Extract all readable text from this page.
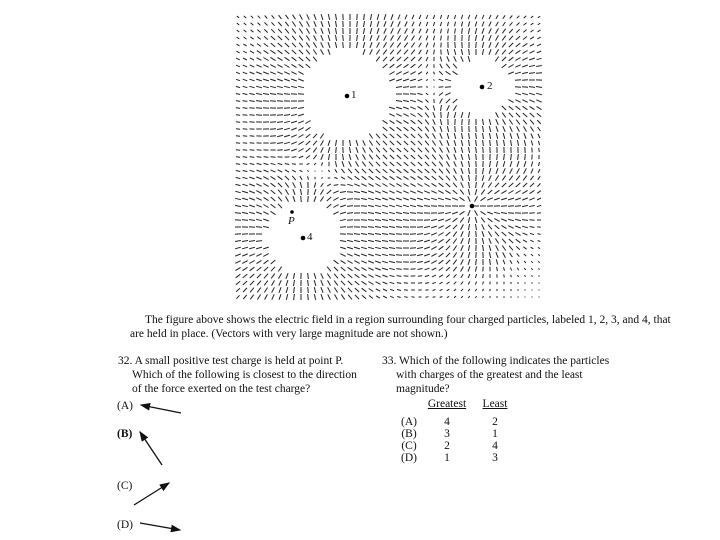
1
2
4
P
The figure above shows the electric field in a region surrounding four charged particles, labeled 1, 2, 3, and 4, that
are held in place. (Vectors with very large magnitude are not shown.)
32. A small positive test charge is held at point P.
Which of the following is closest to the direction
of the force exerted on the test charge?
(A)
(B)
(C)
(D)
33. Which of the following indicates the particles
with charges of the greatest and the least
magnitude?
	Greatest	Least
(A)	4	2
(B)	3	1
(C)	2	4
(D)	1	3
